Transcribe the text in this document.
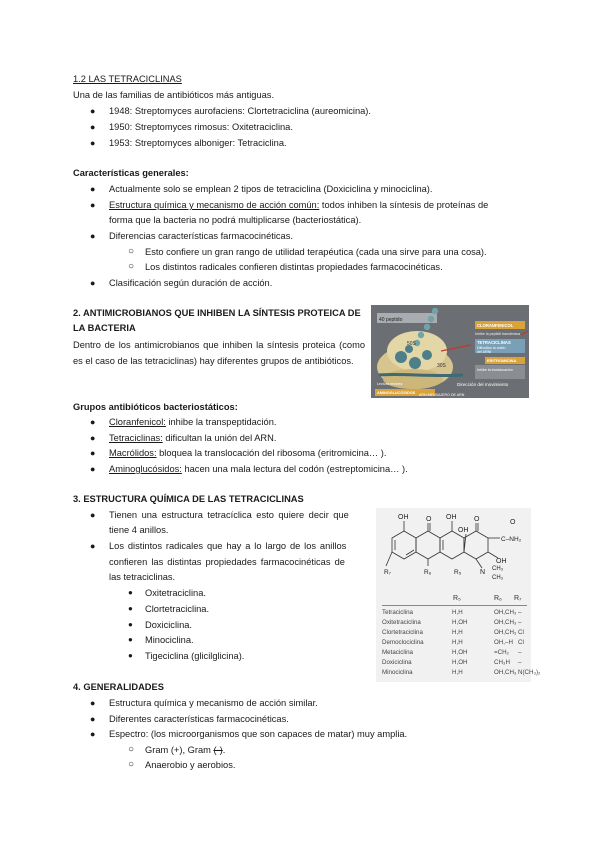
1.2 LAS TETRACICLINAS
Una de las familias de antibióticos más antiguas.
● 1948: Streptomyces aurofaciens: Clortetraciclina (aureomicina).
● 1950: Streptomyces rimosus: Oxitetraciclina.
● 1953: Streptomyces alboniger: Tetraciclina.
Características generales:
● Actualmente solo se emplean 2 tipos de tetraciclina (Doxiciclina y minociclina).
● Estructura química y mecanismo de acción común: todos inhiben la síntesis de proteínas de
forma que la bacteria no podrá multiplicarse (bacteriostática).
● Diferencias características farmacocinéticas.
○ Esto confiere un gran rango de utilidad terapéutica (cada una sirve para una cosa).
○ Los distintos radicales confieren distintas propiedades farmacocinéticas.
● Clasificación según duración de acción.
2. ANTIMICROBIANOS QUE INHIBEN LA SÍNTESIS PROTEICA DE
LA BACTERIA
Dentro de los antimicrobianos que inhiben la síntesis proteica (como es el caso de las tetraciclinas) hay diferentes grupos de antibióticos.
40 peptido
50S
30S
CLORANFENICOL
Inhibe la peptidil transferasa
TETRACICLINAS
Dificultan la unión
del ARNt
ERITROMICINA
Inhibe la translocación
AMINOGLUCÓSIDOS
Lectura errónea	Dirección del movimiento
ARN MENSAJERO DE ARN
Grupos antibióticos bacteriostáticos:
● Cloranfenicol: inhibe la transpeptidación.
● Tetraciclinas: dificultan la unión del ARN.
● Macrólidos: bloquea la translocación del ribosoma (eritromicina… ).
● Aminoglucósidos: hacen una mala lectura del codón (estreptomicina… ).
3. ESTRUCTURA QUÍMICA DE LAS TETRACICLINAS
● Tienen una estructura tetracíclica esto quiere decir que
tiene 4 anillos.
● Los distintos radicales que hay a lo largo de los anillos
confieren las distintas propiedades farmacocinéticas de
las tetraciclinas.
● Oxitetraciclina.
● Clortetraciclina.
● Doxiciclina.
● Minociclina.
● Tigeciclina (glicilglicina).
OH	O OH
OH
O	O
C–NH₂
OH
R₇	R₆	R₅	N CH₃
CH₃
R₅	R₆ R₇
Tetraciclina	H,H	OH,CH₃ –
Oxitetraciclina	H,OH	OH,CH₃ –
Clortetraciclina	H,H	OH,CH₃ Cl
Democlociclina	H,H	OH,–H Cl
Metaciclina	H,OH	=CH₂ –
Doxiciclina	H,OH	CH₃H –
Minociclina	H,H	OH,CH₃ N(CH₃)₂
4. GENERALIDADES
● Estructura química y mecanismo de acción similar.
● Diferentes características farmacocinéticas.
● Espectro: (los microorganismos que son capaces de matar) muy amplia.
○ Gram (+), Gram (-).
○ Anaerobio y aerobios.
